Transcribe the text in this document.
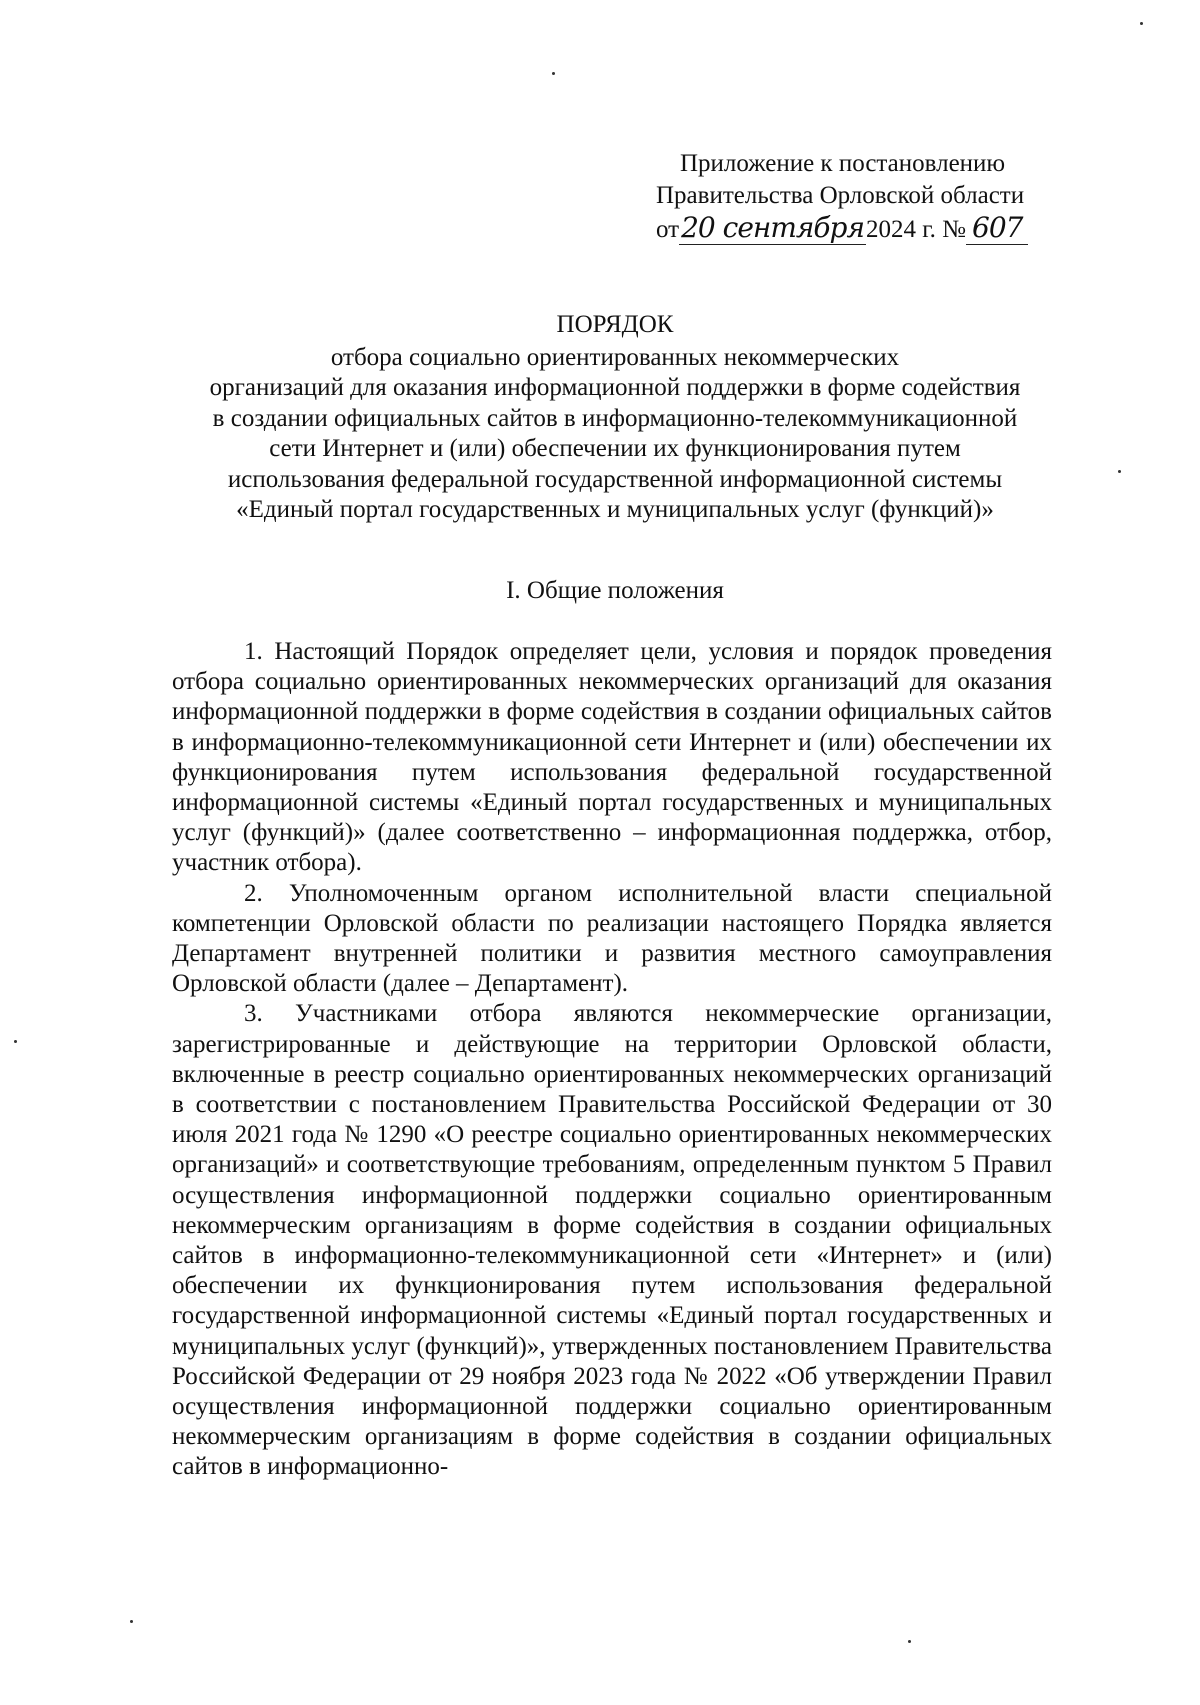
Приложение к постановлению
Правительства Орловской области
от20 сентября2024 г. № 607
ПОРЯДОК
отбора социально ориентированных некоммерческих
организаций для оказания информационной поддержки в форме содействия
в создании официальных сайтов в информационно-телекоммуникационной
сети Интернет и (или) обеспечении их функционирования путем
использования федеральной государственной информационной системы
«Единый портал государственных и муниципальных услуг (функций)»
I. Общие положения

1. Настоящий Порядок определяет цели, условия и порядок проведения отбора социально ориентированных некоммерческих организаций для оказания информационной поддержки в форме содействия в создании официальных сайтов в информационно-телекоммуникационной сети Интернет и (или) обеспечении их функционирования путем использования федеральной государственной информационной системы «Единый портал государственных и муниципальных услуг (функций)» (далее соответственно – информационная поддержка, отбор, участник отбора).

2. Уполномоченным органом исполнительной власти специальной компетенции Орловской области по реализации настоящего Порядка является Департамент внутренней политики и развития местного самоуправления Орловской области (далее – Департамент).

3. Участниками отбора являются некоммерческие организации, зарегистрированные и действующие на территории Орловской области, включенные в реестр социально ориентированных некоммерческих организаций в соответствии с постановлением Правительства Российской Федерации от 30 июля 2021 года № 1290 «О реестре социально ориентированных некоммерческих организаций» и соответствующие требованиям, определенным пунктом 5 Правил осуществления информационной поддержки социально ориентированным некоммерческим организациям в форме содействия в создании официальных сайтов в информационно-телекоммуникационной сети «Интернет» и (или) обеспечении их функционирования путем использования федеральной государственной информационной системы «Единый портал государственных и муниципальных услуг (функций)», утвержденных постановлением Правительства Российской Федерации от 29 ноября 2023 года № 2022 «Об утверждении Правил осуществления информационной поддержки социально ориентированным некоммерческим организациям в форме содействия в создании официальных сайтов в информационно-
